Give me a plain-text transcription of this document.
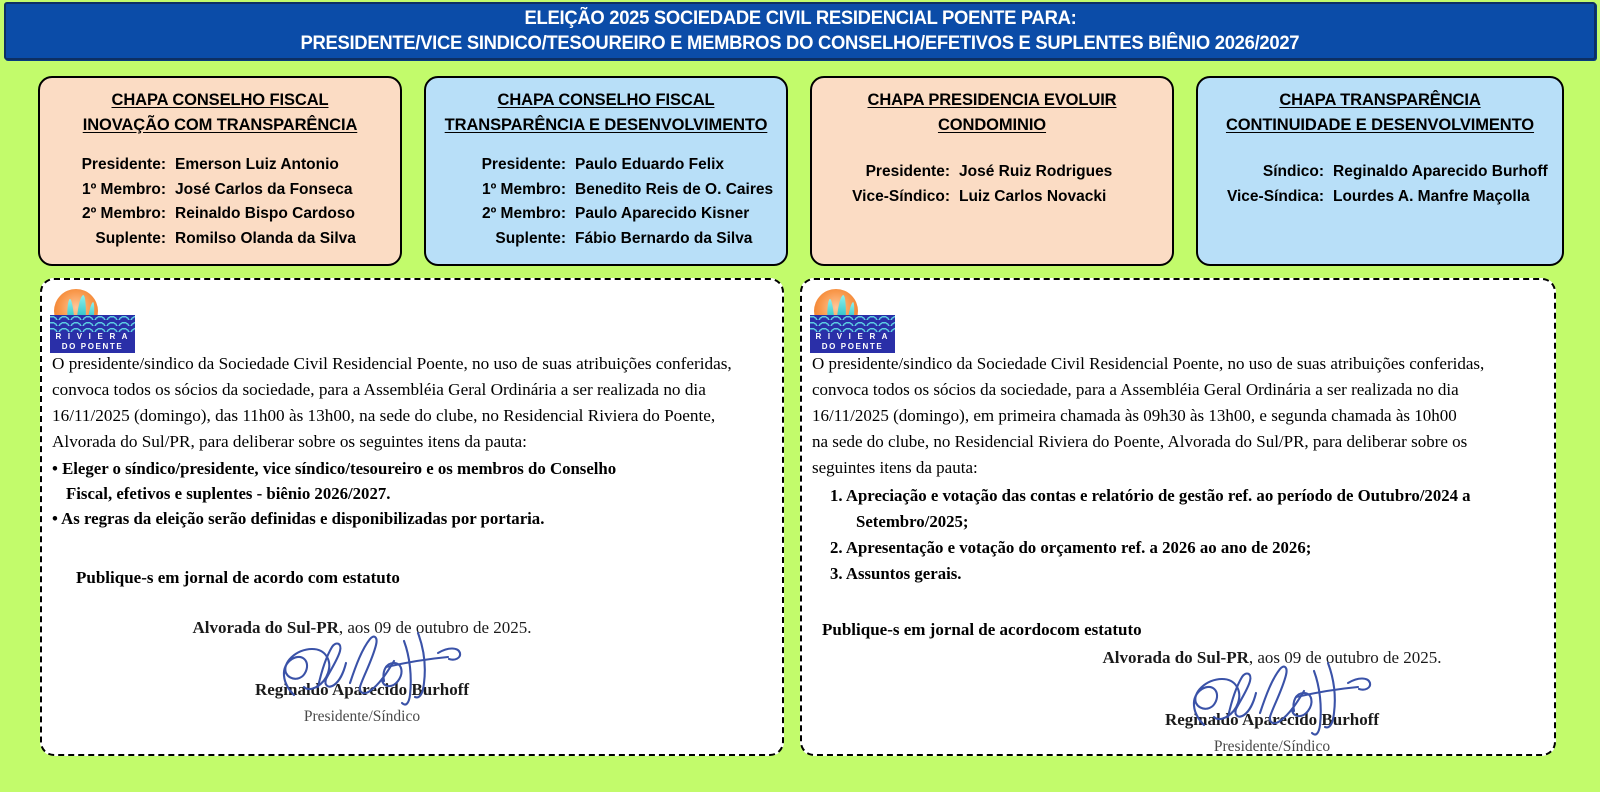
ELEIÇÃO 2025 SOCIEDADE CIVIL RESIDENCIAL POENTE PARA:
PRESIDENTE/VICE SINDICO/TESOUREIRO E MEMBROS DO CONSELHO/EFETIVOS E SUPLENTES BIÊNIO 2026/2027
CHAPA CONSELHO FISCAL
INOVAÇÃO COM TRANSPARÊNCIA
Presidente: Emerson Luiz Antonio
1º Membro: José Carlos da Fonseca
2º Membro: Reinaldo Bispo Cardoso
Suplente: Romilso Olanda da Silva
CHAPA CONSELHO FISCAL
TRANSPARÊNCIA E DESENVOLVIMENTO
Presidente: Paulo Eduardo Felix
1º Membro: Benedito Reis de O. Caires
2º Membro: Paulo Aparecido Kisner
Suplente: Fábio Bernardo da Silva
CHAPA PRESIDENCIA EVOLUIR
CONDOMINIO
Presidente: José Ruiz Rodrigues
Vice-Síndico: Luiz Carlos Novacki
CHAPA TRANSPARÊNCIA
CONTINUIDADE E DESENVOLVIMENTO
Síndico: Reginaldo Aparecido Burhoff
Vice-Síndica: Lourdes A. Manfre Maçolla
R I V I E R A
DO POENTE

O presidente/sindico da Sociedade Civil Residencial Poente, no uso de suas atribuições conferidas,

convoca todos os sócios da sociedade, para a Assembléia Geral Ordinária a ser realizada no dia

16/11/2025 (domingo), das 11h00 às 13h00, na sede do clube, no Residencial Riviera do Poente,

Alvorada do Sul/PR, para deliberar sobre os seguintes itens da pauta:

• Eleger o síndico/presidente, vice síndico/tesoureiro e os membros do Conselho
Fiscal, efetivos e suplentes - biênio 2026/2027.
• As regras da eleição serão definidas e disponibilizadas por portaria.
Publique-s em jornal de acordo com estatuto
Alvorada do Sul-PR, aos 09 de outubro de 2025.
Reginaldo Aparecido Burhoff
Presidente/Síndico
R I V I E R A
DO POENTE

O presidente/sindico da Sociedade Civil Residencial Poente, no uso de suas atribuições conferidas,

convoca todos os sócios da sociedade, para a Assembléia Geral Ordinária a ser realizada no dia

16/11/2025 (domingo), em primeira chamada às 09h30 às 13h00, e segunda chamada às 10h00

na sede do clube, no Residencial Riviera do Poente, Alvorada do Sul/PR, para deliberar sobre os

seguintes itens da pauta:

1. Apreciação e votação das contas e relatório de gestão ref. ao período de Outubro/2024 a
Setembro/2025;
2. Apresentação e votação do orçamento ref. a 2026 ao ano de 2026;
3. Assuntos gerais.
Publique-s em jornal de acordocom estatuto
Alvorada do Sul-PR, aos 09 de outubro de 2025.
Reginaldo Aparecido Burhoff
Presidente/Síndico
